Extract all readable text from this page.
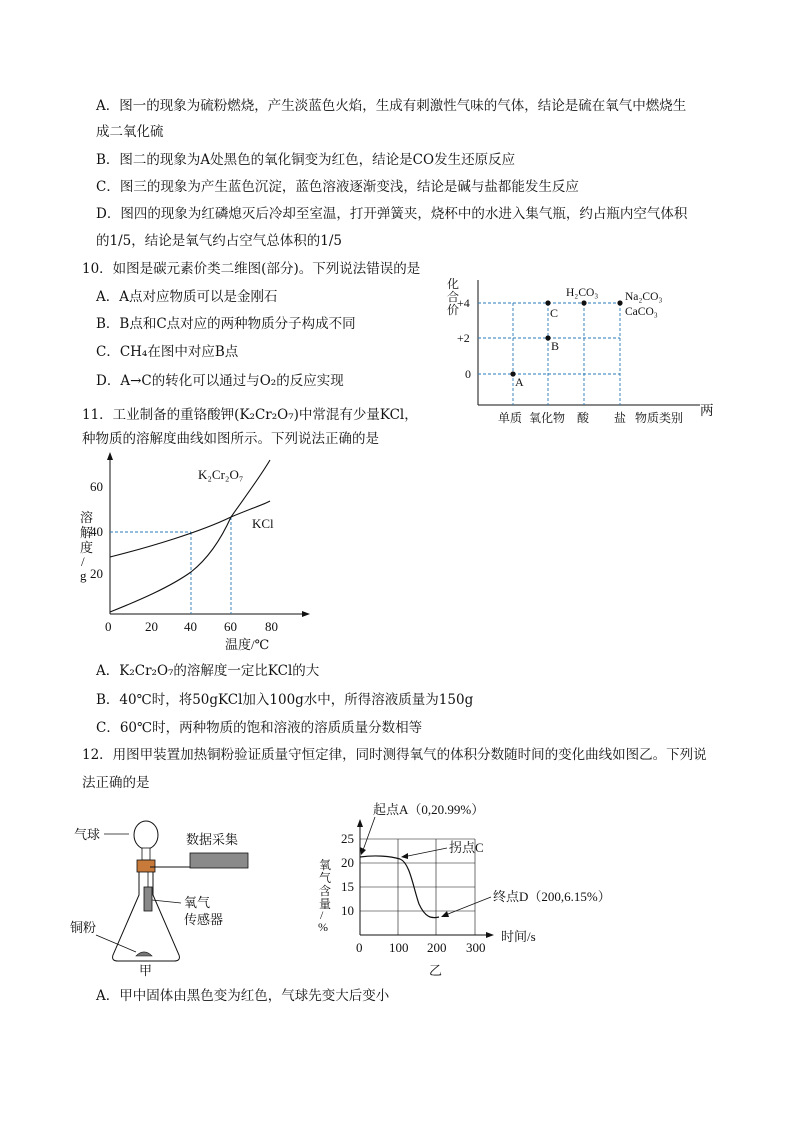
A．图一的现象为硫粉燃烧，产生淡蓝色火焰，生成有刺激性气味的气体，结论是硫在氧气中燃烧生
成二氧化硫
B．图二的现象为A处黑色的氧化铜变为红色，结论是CO发生还原反应
C．图三的现象为产生蓝色沉淀，蓝色溶液逐渐变浅，结论是碱与盐都能发生反应
D．图四的现象为红磷熄灭后冷却至室温，打开弹簧夹，烧杯中的水进入集气瓶，约占瓶内空气体积
的1/5，结论是氧气约占空气总体积的1/5
10．如图是碳元素价类二维图(部分)。下列说法错误的是
A．A点对应物质可以是金刚石
B．B点和C点对应的两种物质分子构成不同
C．CH₄在图中对应B点
D．A→C的转化可以通过与O₂的反应实现
化
合
价
+4
+2
0
A
B
C
H₂CO₃ Na₂CO₃
CaCO₃
单质 氧化物 酸 盐 物质类别 两
11．工业制备的重铬酸钾(K₂Cr₂O₇)中常混有少量KCl，
种物质的溶解度曲线如图所示。下列说法正确的是
溶
解
度
/
g
60
40
20
0	20 40 60 80
温度/℃
K₂Cr₂O₇
KCl
A．K₂Cr₂O₇的溶解度一定比KCl的大
B．40℃时，将50gKCl加入100g水中，所得溶液质量为150g
C．60℃时，两种物质的饱和溶液的溶质质量分数相等
12．用图甲装置加热铜粉验证质量守恒定律，同时测得氧气的体积分数随时间的变化曲线如图乙。下列说
法正确的是
气球	数据采集
氧气
传感器
铜粉
甲
氧
气
含
量
/
%
25
20
15
10
0 100 200 300
时间/s
起点A（0,20.99%）
拐点C
终点D（200,6.15%）
乙
A．甲中固体由黑色变为红色，气球先变大后变小
